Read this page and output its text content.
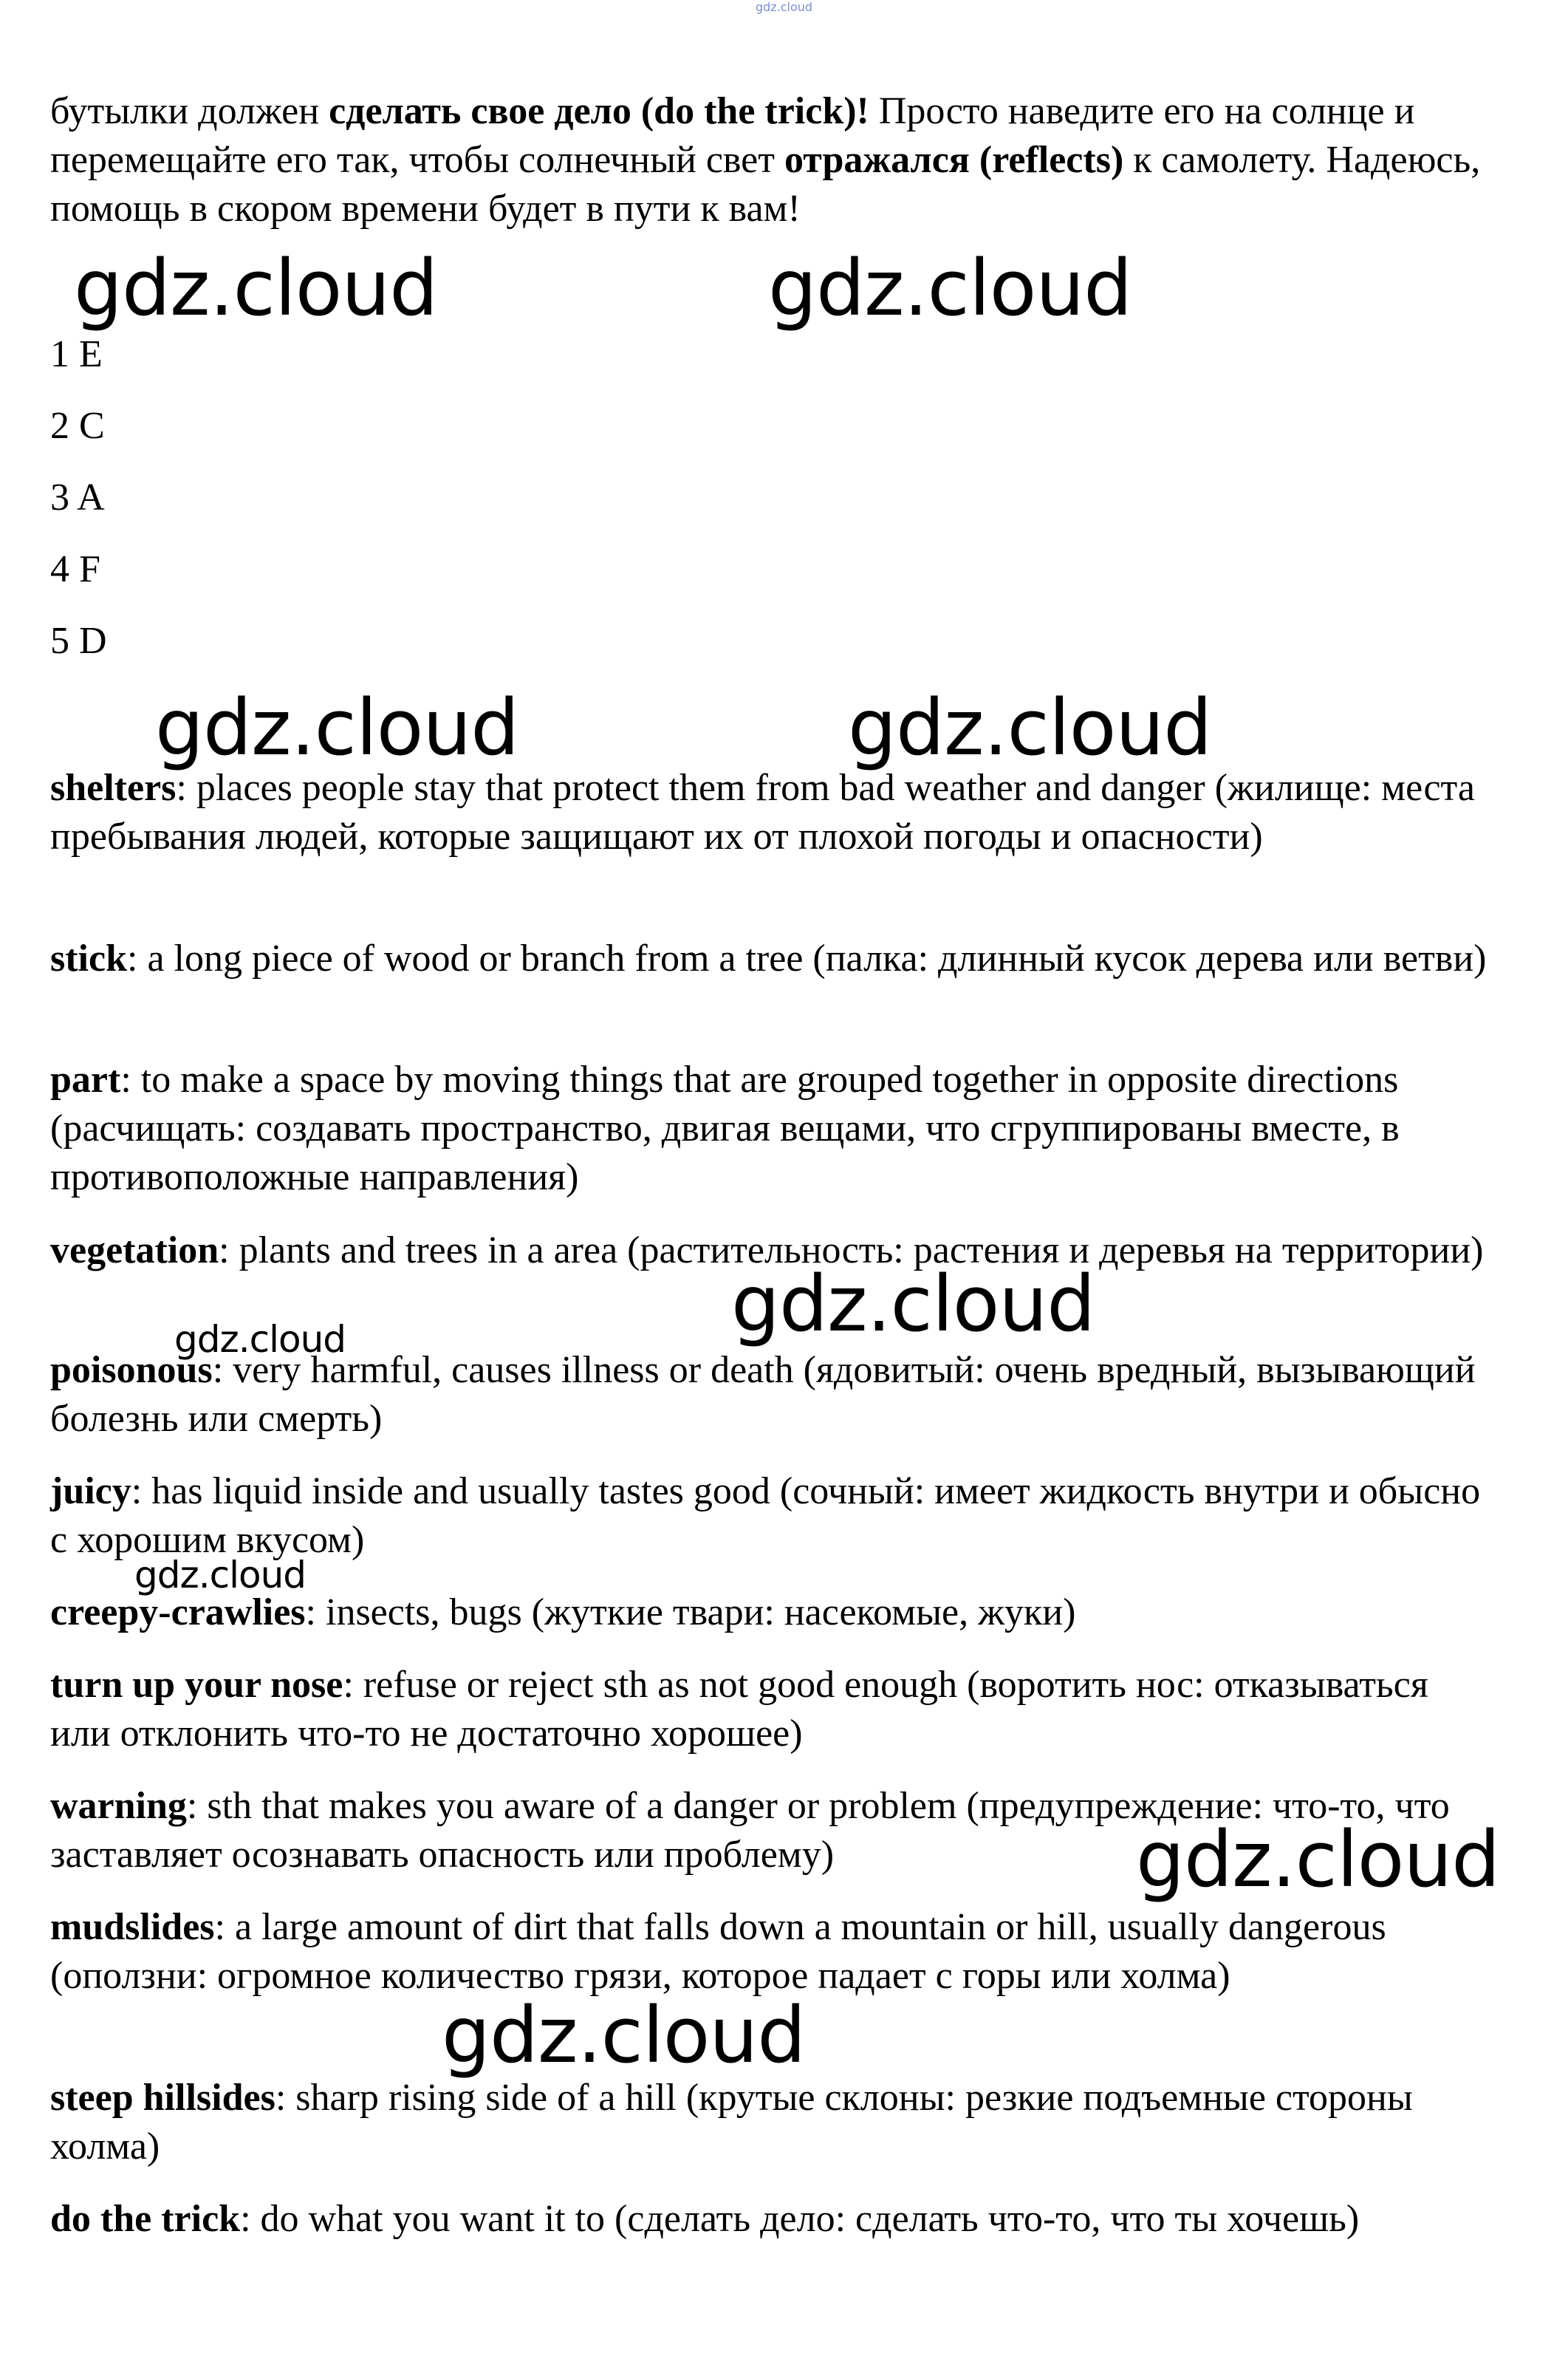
gdz.cloud
бутылки должен сделать свое дело (do the trick)! Просто наведите его на солнце и перемещайте его так, чтобы солнечный свет отражался (reflects) к самолету. Надеюсь, помощь в скором времени будет в пути к вам!
gdz.cloud	gdz.cloud
1 E
2 C
3 A
4 F
5 D
gdz.cloud	gdz.cloud
shelters: places people stay that protect them from bad weather and danger (жилище: места пребывания людей, которые защищают их от плохой погоды и опасности)
stick: a long piece of wood or branch from a tree (палка: длинный кусок дерева или ветви)
part: to make a space by moving things that are grouped together in opposite directions (расчищать: создавать пространство, двигая вещами, что сгруппированы вместе, в противоположные направления)
vegetation: plants and trees in a area (растительность: растения и деревья на территории)
gdz.cloud
gdz.cloud
poisonous: very harmful, causes illness or death (ядовитый: очень вредный, вызывающий болезнь или смерть)
juicy: has liquid inside and usually tastes good (сочный: имеет жидкость внутри и обысно с хорошим вкусом)
gdz.cloud
creepy-crawlies: insects, bugs (жуткие твари: насекомые, жуки)
turn up your nose: refuse or reject sth as not good enough (воротить нос: отказываться или отклонить что-то не достаточно хорошее)
warning: sth that makes you aware of a danger or problem (предупреждение: что-то, что заставляет осознавать опасность или проблему)	gdz.cloud
mudslides: a large amount of dirt that falls down a mountain or hill, usually dangerous (оползни: огромное количество грязи, которое падает с горы или холма)
gdz.cloud
steep hillsides: sharp rising side of a hill (крутые склоны: резкие подъемные стороны холма)
do the trick: do what you want it to (сделать дело: сделать что-то, что ты хочешь)
